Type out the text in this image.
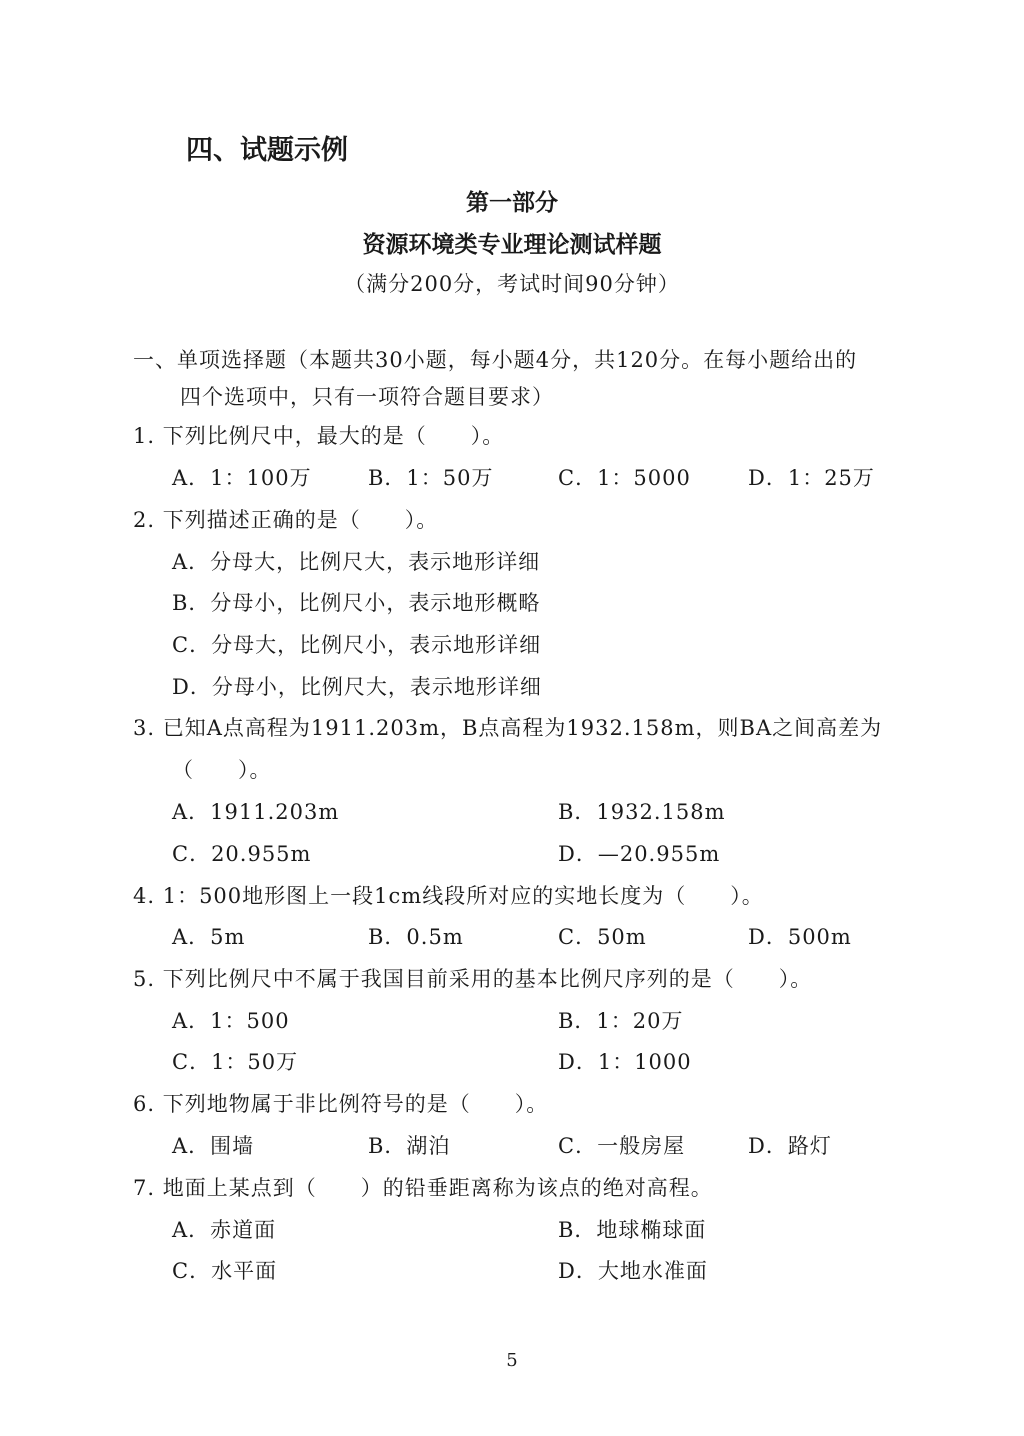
四、试题示例
第一部分
资源环境类专业理论测试样题
（满分200分，考试时间90分钟）
一、单项选择题（本题共30小题，每小题4分，共120分。在每小题给出的
四个选项中，只有一项符合题目要求）
1. 下列比例尺中，最大的是（　　）。
A．1：100万	B．1：50万	C．1：5000	D．1：25万
2. 下列描述正确的是（　　）。
A．分母大，比例尺大，表示地形详细
B．分母小，比例尺小，表示地形概略
C．分母大，比例尺小，表示地形详细
D．分母小，比例尺大，表示地形详细
3. 已知A点高程为1911.203m，B点高程为1932.158m，则BA之间高差为
（　　）。
A．1911.203m	B．1932.158m
C．20.955m	D．—20.955m
4. 1：500地形图上一段1cm线段所对应的实地长度为（　　）。
A．5m	B．0.5m	C．50m	D．500m
5. 下列比例尺中不属于我国目前采用的基本比例尺序列的是（　　）。
A．1：500	B．1：20万
C．1：50万	D．1：1000
6. 下列地物属于非比例符号的是（　　）。
A．围墙	B．湖泊	C．一般房屋	D．路灯
7. 地面上某点到（　　）的铅垂距离称为该点的绝对高程。
A．赤道面	B．地球椭球面
C．水平面	D．大地水准面
5
